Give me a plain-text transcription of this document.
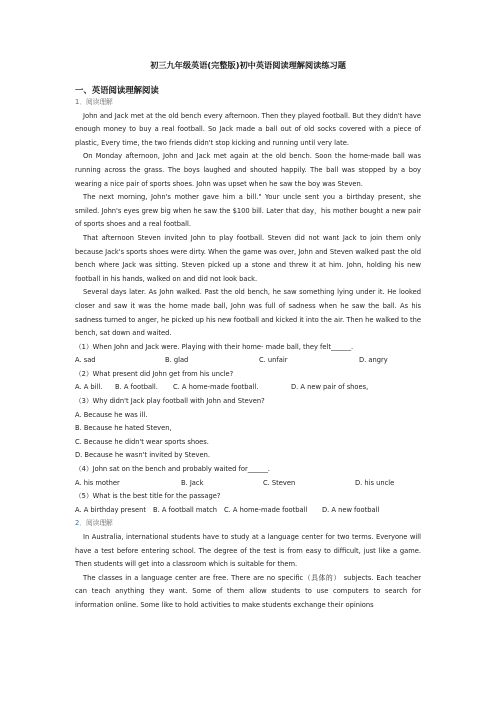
初三九年级英语(完整版)初中英语阅读理解阅读练习题
一、英语阅读理解阅读
1．阅读理解

John and Jack met at the old bench every afternoon. Then they played football. But they didn't have enough money to buy a real football. So Jack made a ball out of old socks covered with a piece of plastic, Every time, the two friends didn't stop kicking and running until very late.

On Monday afternoon, John and Jack met again at the old bench. Soon the home-made ball was running across the grass. The boys laughed and shouted happily. The ball was stopped by a boy wearing a nice pair of sports shoes. John was upset when he saw the boy was Steven.

The next morning, John's mother gave him a bill." Your uncle sent you a birthday present, she smiled. John's eyes grew big when he saw the $100 bill. Later that day，his mother bought a new pair of sports shoes and a real football.

That afternoon Steven invited John to play football. Steven did not want Jack to join them only because Jack's sports shoes were dirty. When the game was over, John and Steven walked past the old bench where Jack was sitting. Steven picked up a stone and threw it at him. John, holding his new football in his hands, walked on and did not look back.

Several days later. As John walked. Past the old bench, he saw something lying under it. He looked closer and saw it was the home made ball, John was full of sadness when he saw the ball. As his sadness turned to anger, he picked up his new football and kicked it into the air. Then he walked to the bench, sat down and waited.

（1）When John and Jack were. Playing with their home- made ball, they felt______.
A. sad	B. glad	C. unfair	D. angry
（2）What present did John get from his uncle?
A. A bill.	B. A football.	C. A home-made football.	D. A new pair of shoes,
（3）Why didn't Jack play football with John and Steven?
A. Because he was ill.
B. Because he hated Steven,
C. Because he didn't wear sports shoes.
D. Because he wasn't invited by Steven.
（4）John sat on the bench and probably waited for______.
A. his mother	B. Jack	C. Steven	D. his uncle
（5）What is the best title for the passage?
A. A birthday present	B. A football match	C. A home-made football	D. A new football
2．阅读理解

In Australia, international students have to study at a language center for two terms. Everyone will have a test before entering school. The degree of the test is from easy to difficult, just like a game. Then students will get into a classroom which is suitable for them.

The classes in a language center are free. There are no specific（具体的） subjects. Each teacher can teach anything they want. Some of them allow students to use computers to search for information online. Some like to hold activities to make students exchange their opinions
